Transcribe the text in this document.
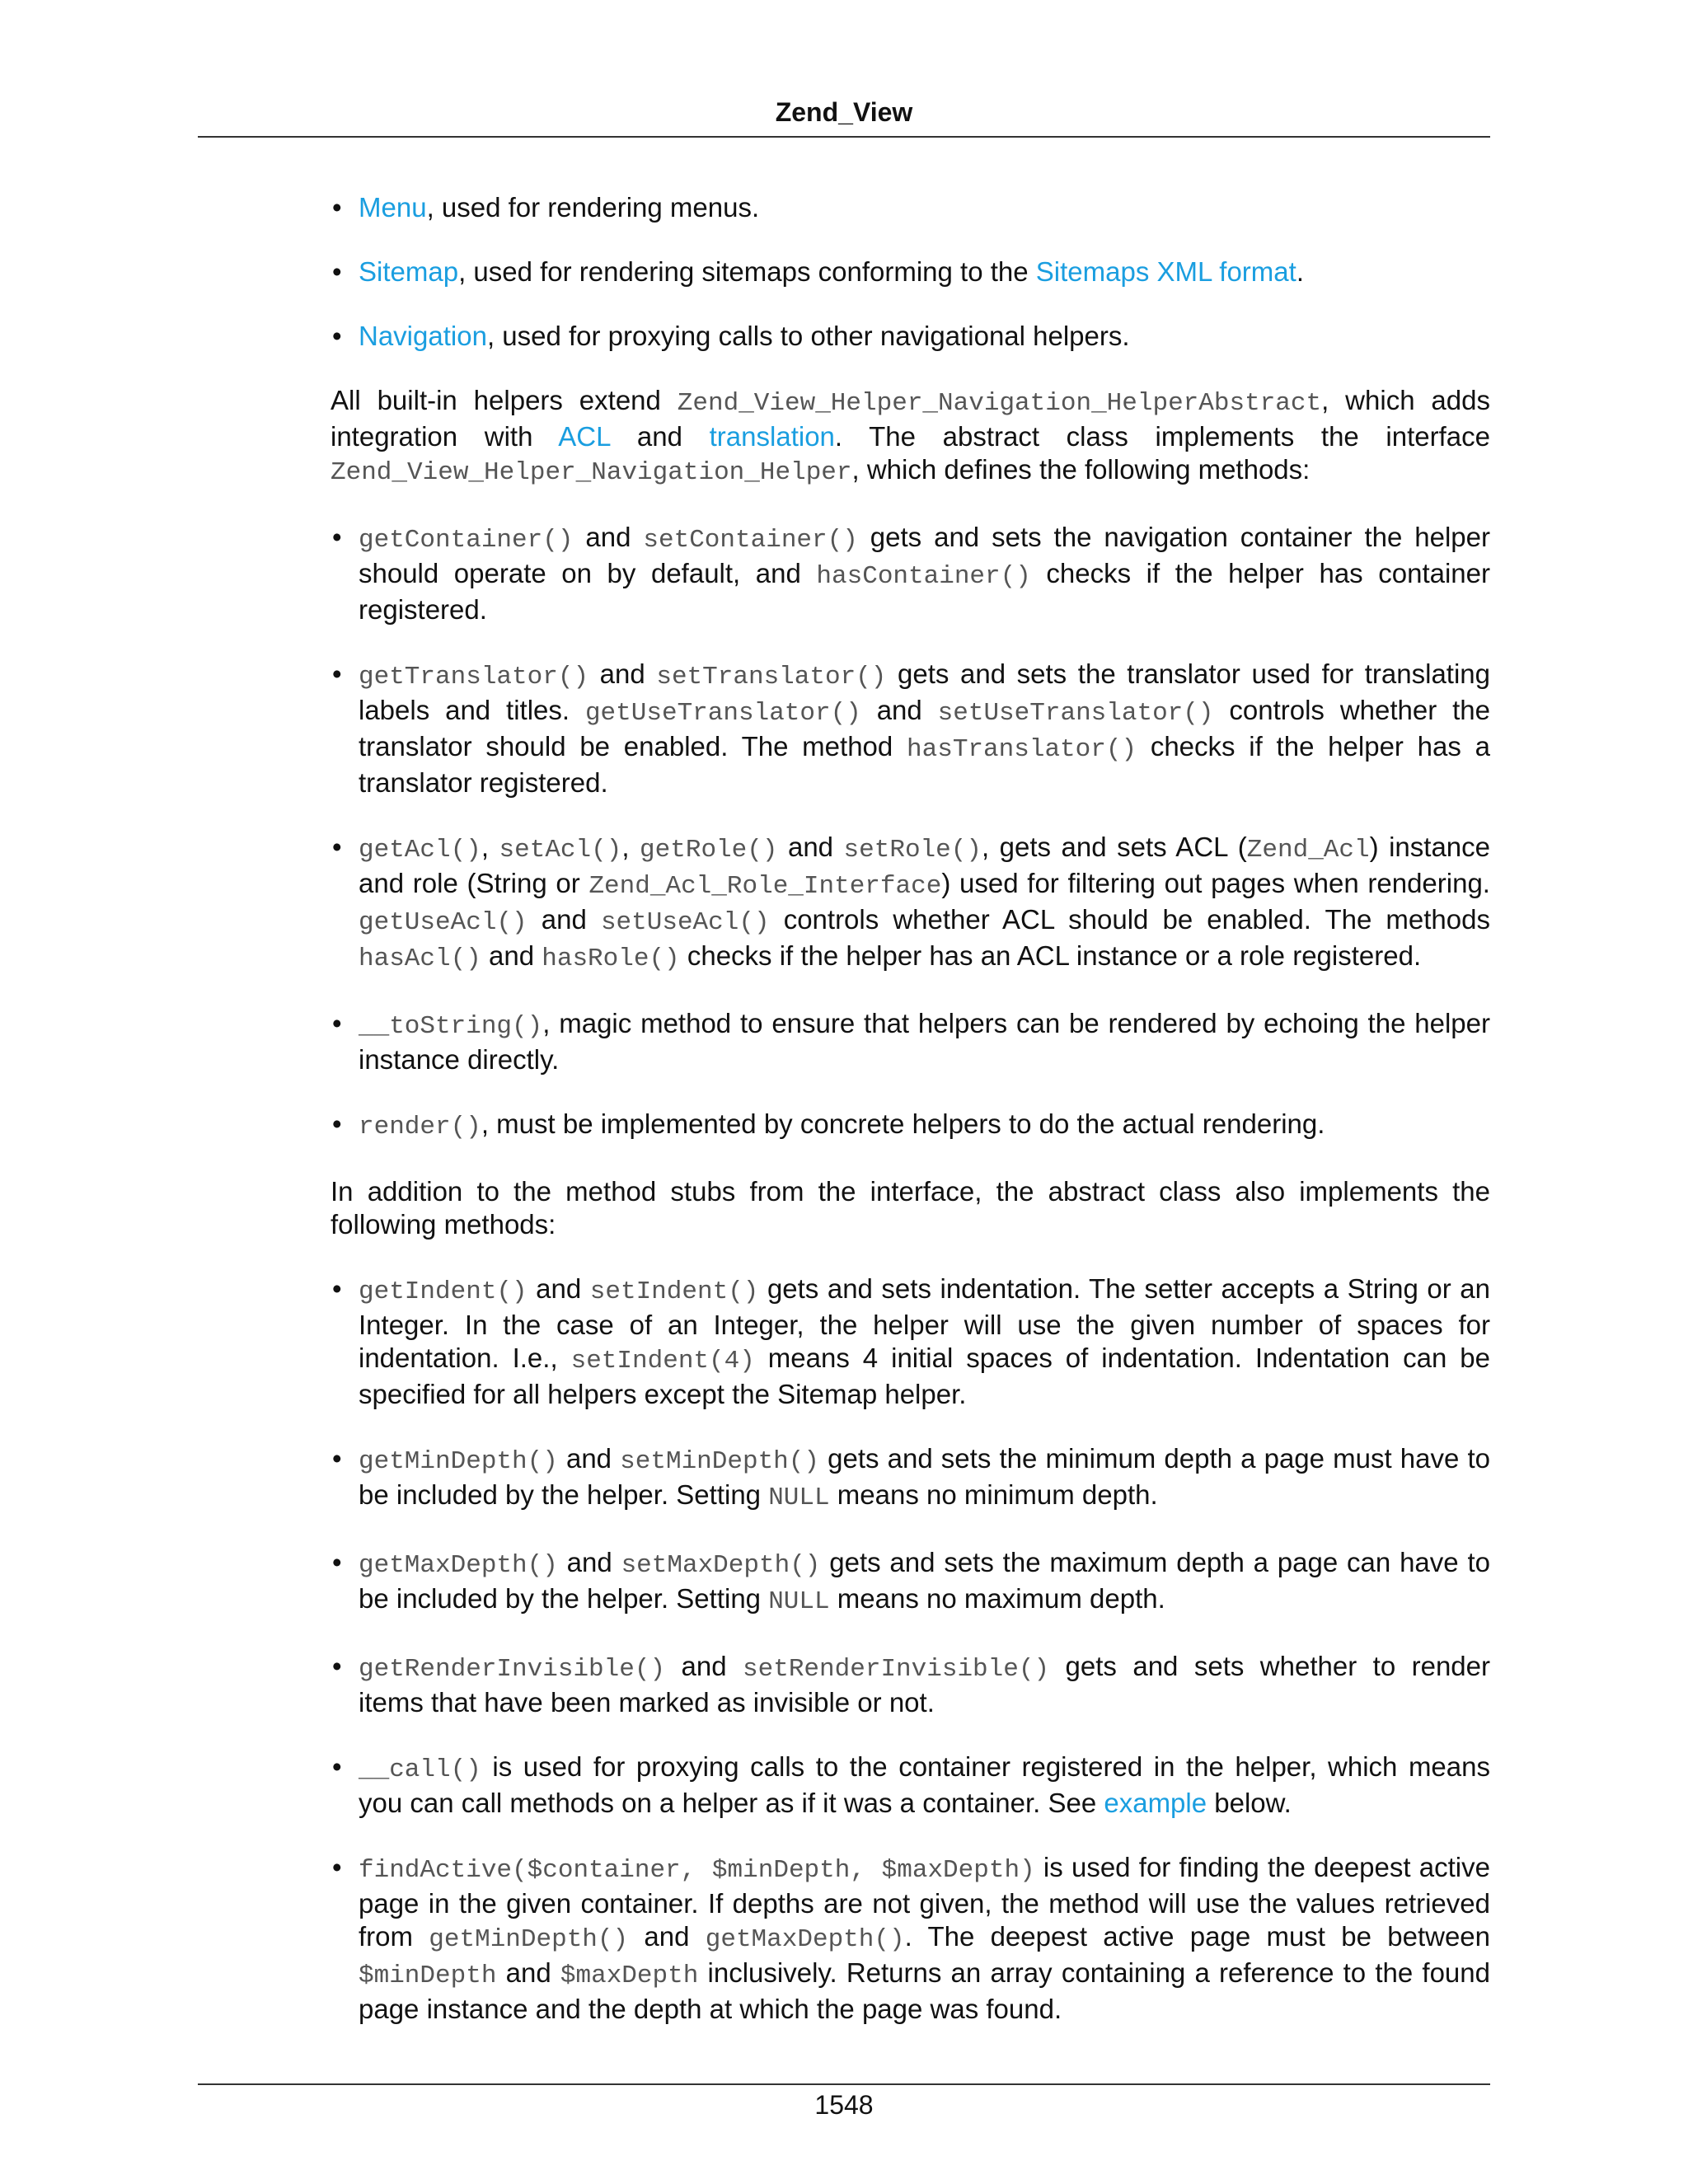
Zend_View
• Menu, used for rendering menus.
• Sitemap, used for rendering sitemaps conforming to the Sitemaps XML format.
• Navigation, used for proxying calls to other navigational helpers.

All built-in helpers extend Zend_View_Helper_Navigation_HelperAbstract, which adds integration with ACL and translation. The abstract class implements the interface Zend_View_Helper_Navigation_Helper, which defines the following methods:

• getContainer() and setContainer() gets and sets the navigation container the helper should operate on by default, and hasContainer() checks if the helper has container registered.
• getTranslator() and setTranslator() gets and sets the translator used for translating labels and titles. getUseTranslator() and setUseTranslator() controls whether the translator should be enabled. The method hasTranslator() checks if the helper has a translator registered.
• getAcl(), setAcl(), getRole() and setRole(), gets and sets ACL (Zend_Acl) instance and role (String or Zend_Acl_Role_Interface) used for filtering out pages when rendering. getUseAcl() and setUseAcl() controls whether ACL should be enabled. The methods hasAcl() and hasRole() checks if the helper has an ACL instance or a role registered.
• __toString(), magic method to ensure that helpers can be rendered by echoing the helper instance directly.
• render(), must be implemented by concrete helpers to do the actual rendering.

In addition to the method stubs from the interface, the abstract class also implements the following methods:

• getIndent() and setIndent() gets and sets indentation. The setter accepts a String or an Integer. In the case of an Integer, the helper will use the given number of spaces for indentation. I.e., setIndent(4) means 4 initial spaces of indentation. Indentation can be specified for all helpers except the Sitemap helper.
• getMinDepth() and setMinDepth() gets and sets the minimum depth a page must have to be included by the helper. Setting NULL means no minimum depth.
• getMaxDepth() and setMaxDepth() gets and sets the maximum depth a page can have to be included by the helper. Setting NULL means no maximum depth.
• getRenderInvisible() and setRenderInvisible() gets and sets whether to render items that have been marked as invisible or not.
• __call() is used for proxying calls to the container registered in the helper, which means you can call methods on a helper as if it was a container. See example below.
• findActive($container, $minDepth, $maxDepth) is used for finding the deepest active page in the given container. If depths are not given, the method will use the values retrieved from getMinDepth() and getMaxDepth(). The deepest active page must be between $minDepth and $maxDepth inclusively. Returns an array containing a reference to the found page instance and the depth at which the page was found.
1548
